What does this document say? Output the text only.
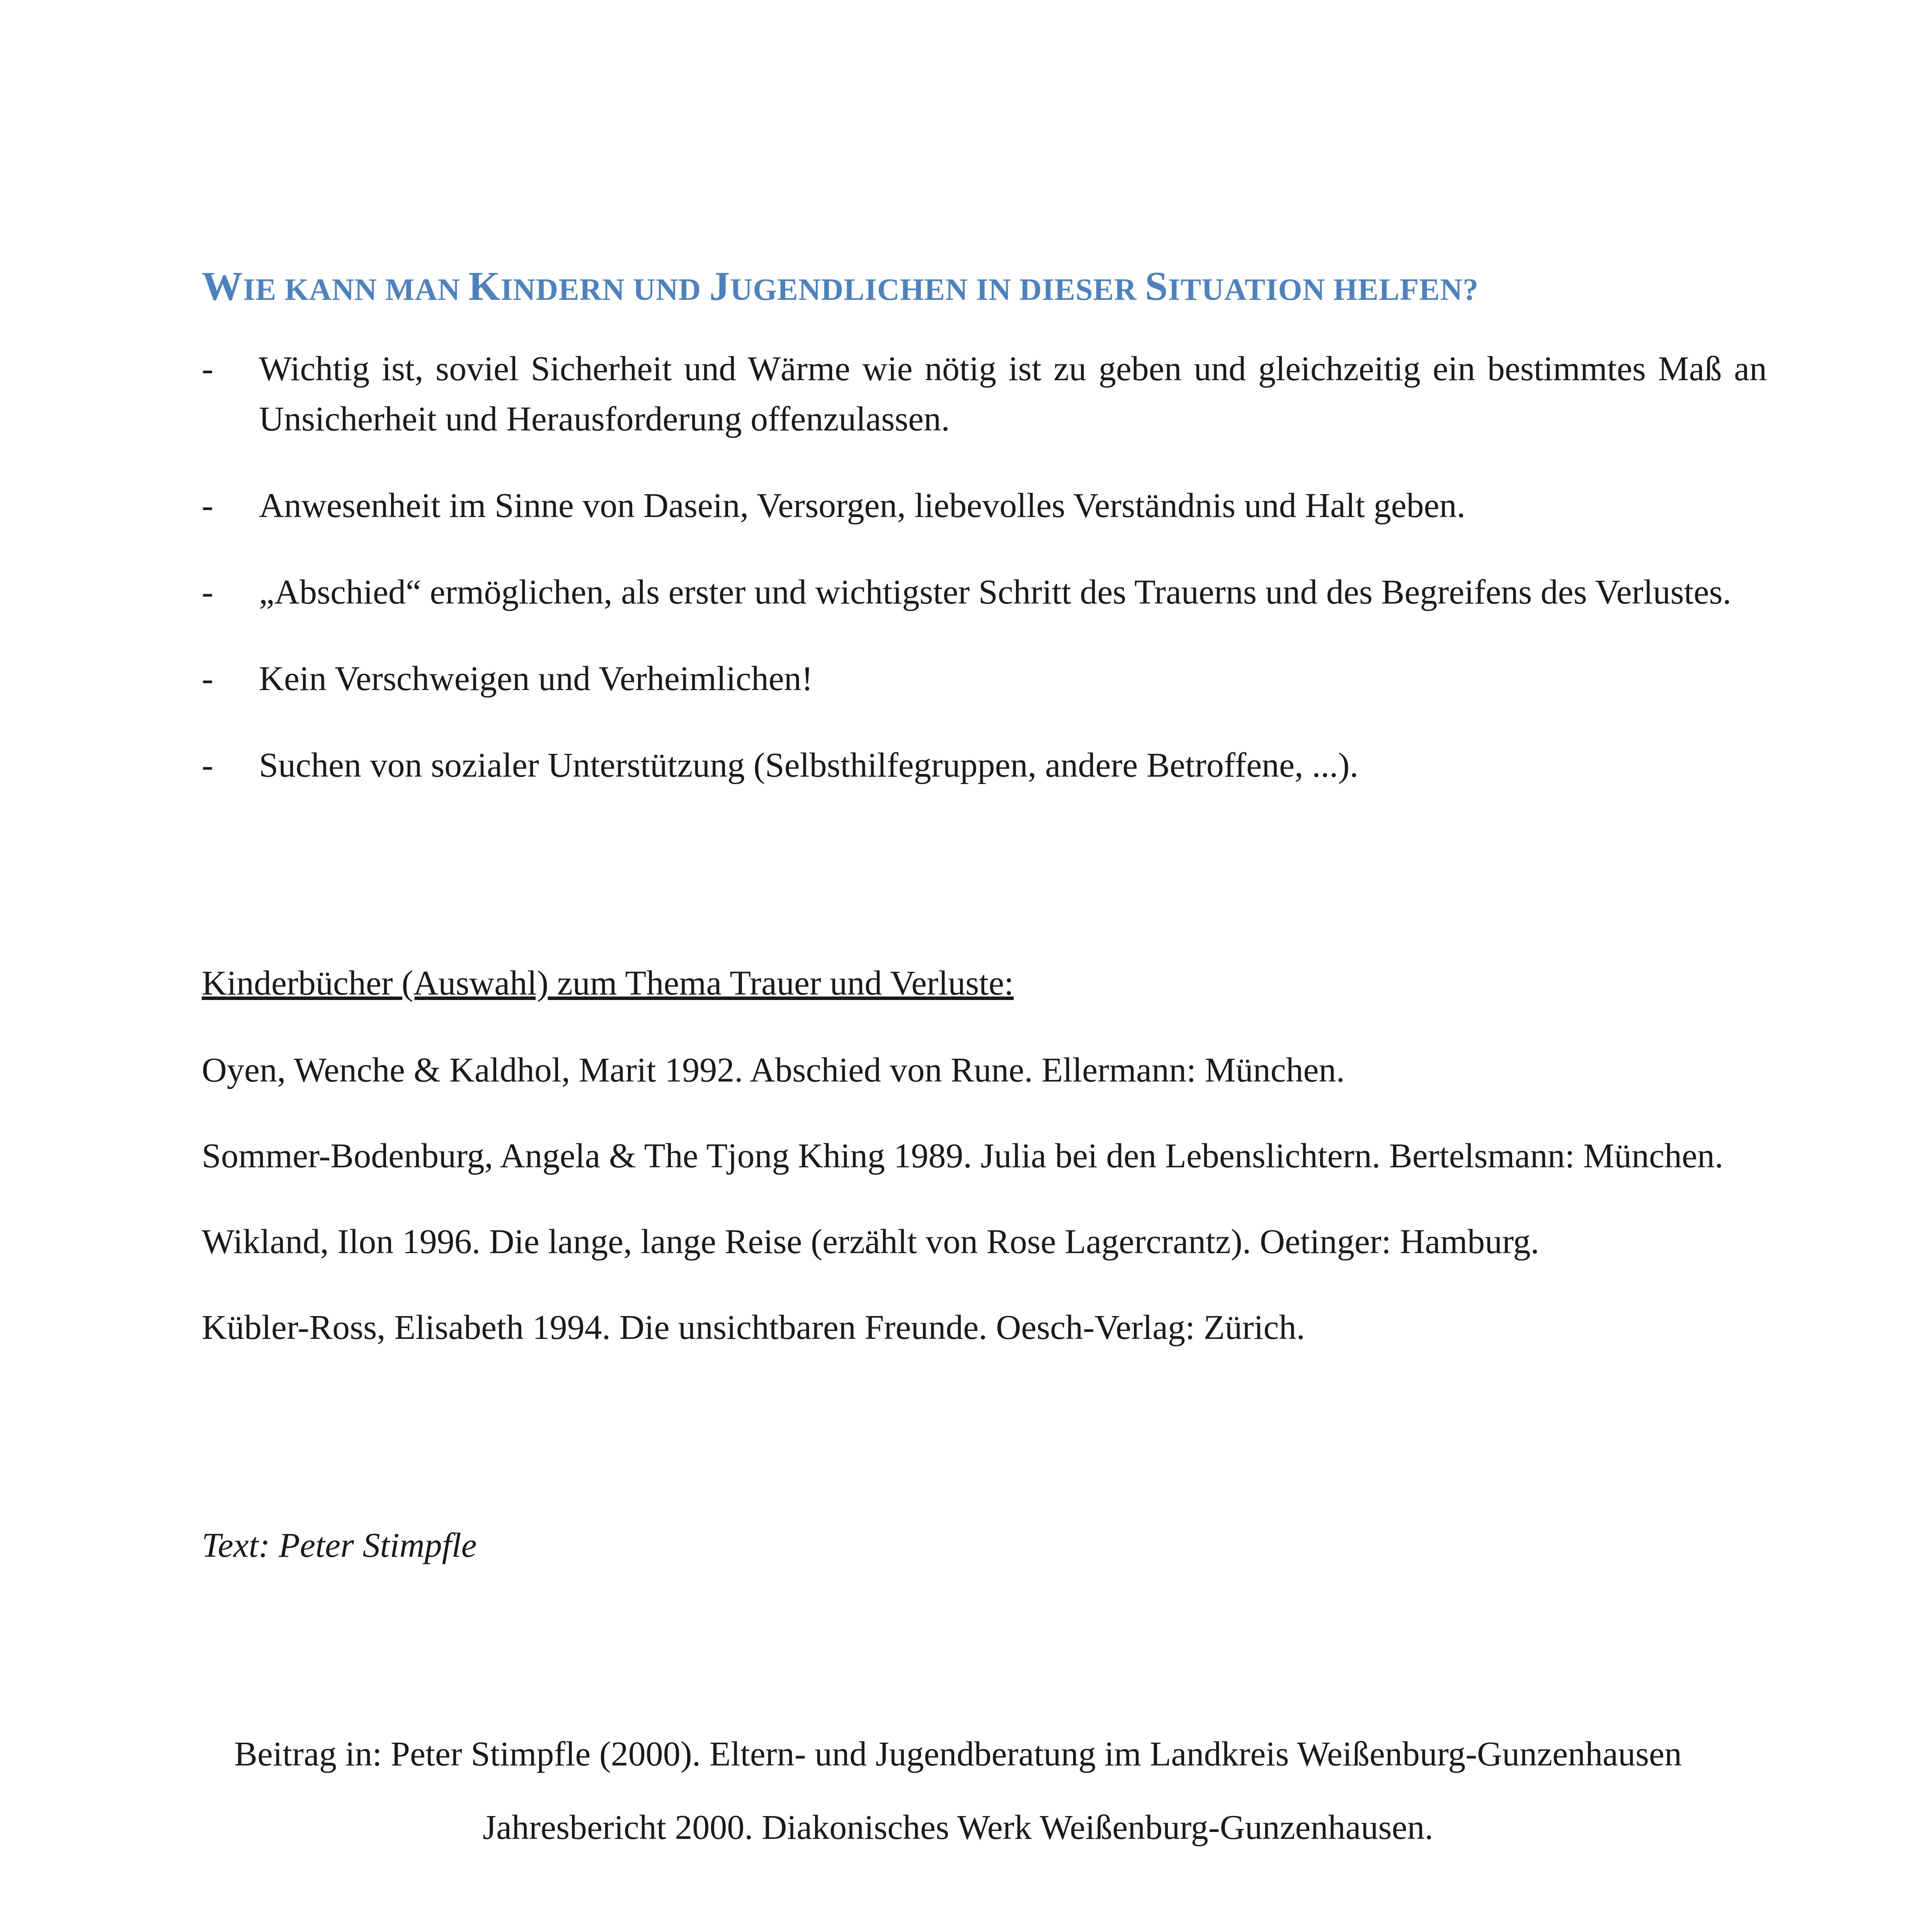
WIE KANN MAN KINDERN UND JUGENDLICHEN IN DIESER SITUATION HELFEN?
-	Wichtig ist, soviel Sicherheit und Wärme wie nötig ist zu geben und gleichzeitig ein bestimmtes Maß an Unsicherheit und Herausforderung offenzulassen.
-	Anwesenheit im Sinne von Dasein, Versorgen, liebevolles Verständnis und Halt geben.
-	„Abschied“ ermöglichen, als erster und wichtigster Schritt des Trauerns und des Begreifens des Verlustes.
-	Kein Verschweigen und Verheimlichen!
-	Suchen von sozialer Unterstützung (Selbsthilfegruppen, andere Betroffene, ...).
Kinderbücher (Auswahl) zum Thema Trauer und Verluste:
Oyen, Wenche & Kaldhol, Marit 1992. Abschied von Rune. Ellermann: München.
Sommer-Bodenburg, Angela & The Tjong Khing 1989. Julia bei den Lebenslichtern. Bertelsmann: München.
Wikland, Ilon 1996. Die lange, lange Reise (erzählt von Rose Lagercrantz). Oetinger: Hamburg.
Kübler-Ross, Elisabeth 1994. Die unsichtbaren Freunde. Oesch-Verlag: Zürich.
Text: Peter Stimpfle
Beitrag in: Peter Stimpfle (2000). Eltern- und Jugendberatung im Landkreis Weißenburg-Gunzenhausen
Jahresbericht 2000. Diakonisches Werk Weißenburg-Gunzenhausen.
